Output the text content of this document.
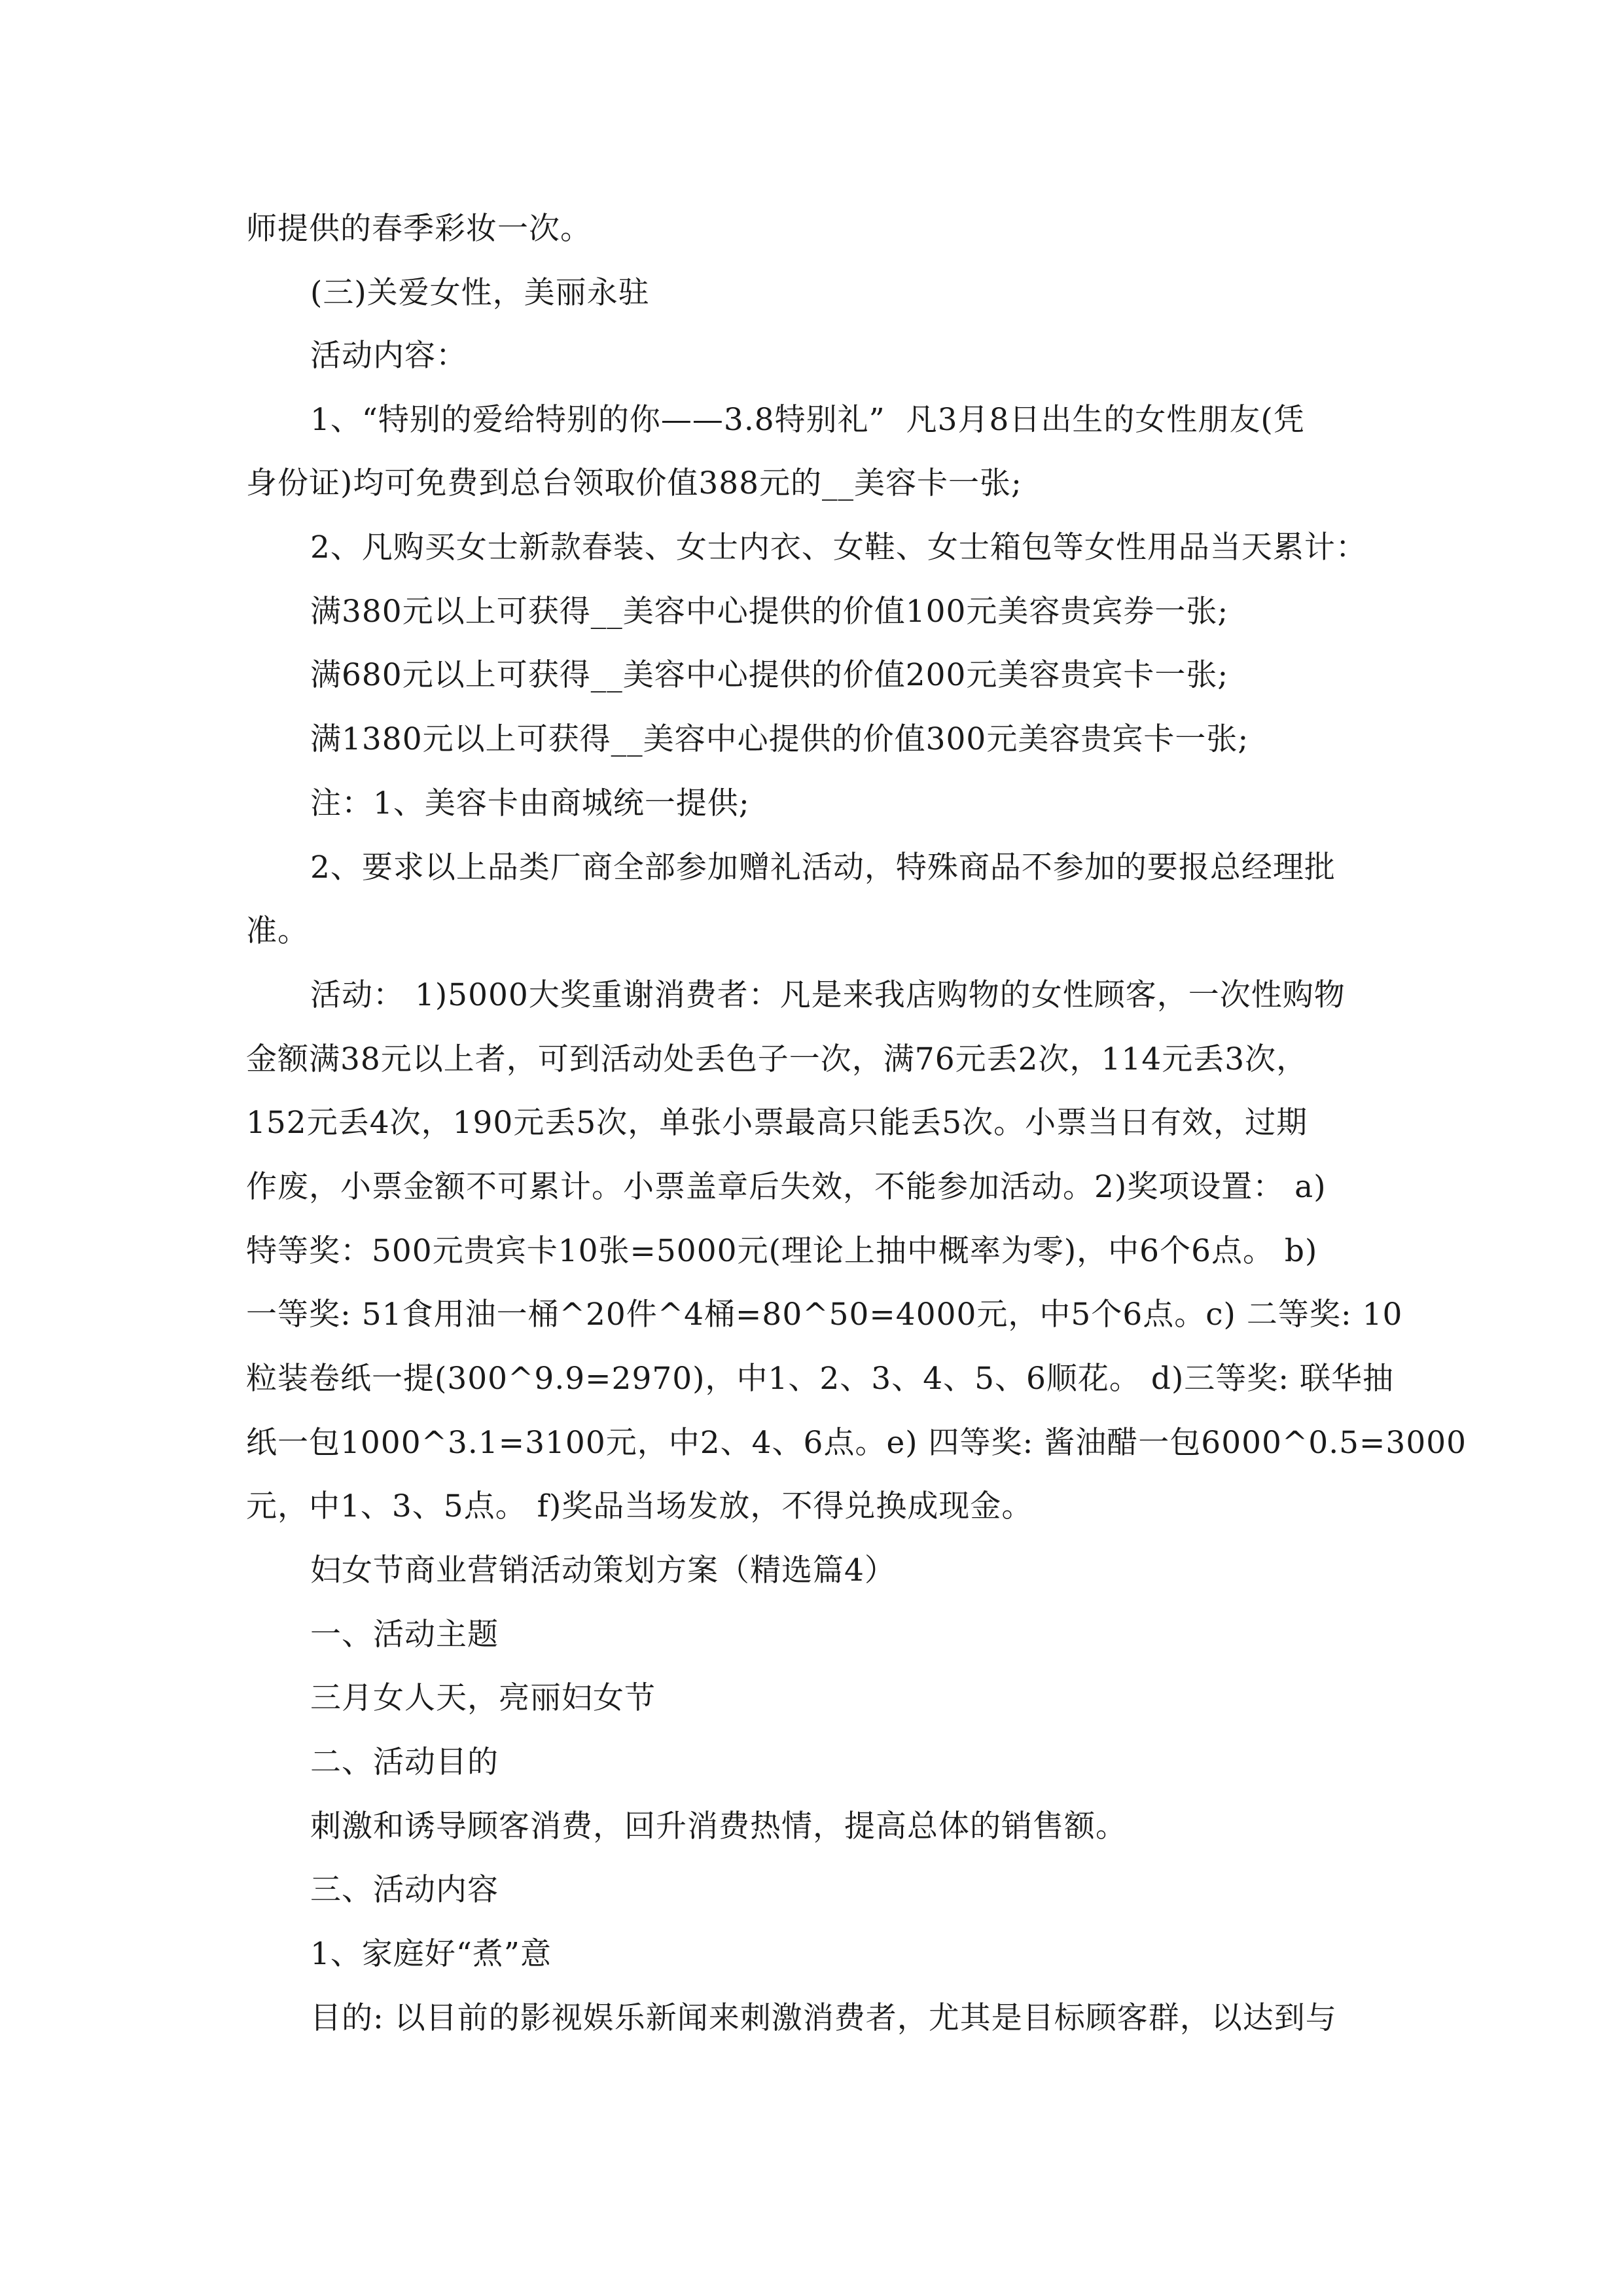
师提供的春季彩妆一次。
(三)关爱女性，美丽永驻
活动内容：
1、“特别的爱给特别的你——3.8特别礼”  凡3月8日出生的女性朋友(凭
身份证)均可免费到总台领取价值388元的__美容卡一张;
2、凡购买女士新款春装、女士内衣、女鞋、女士箱包等女性用品当天累计：
满380元以上可获得__美容中心提供的价值100元美容贵宾券一张;
满680元以上可获得__美容中心提供的价值200元美容贵宾卡一张;
满1380元以上可获得__美容中心提供的价值300元美容贵宾卡一张;
注：1、美容卡由商城统一提供;
2、要求以上品类厂商全部参加赠礼活动，特殊商品不参加的要报总经理批
准。
活动： 1)5000大奖重谢消费者：凡是来我店购物的女性顾客，一次性购物
金额满38元以上者，可到活动处丢色子一次，满76元丢2次，114元丢3次，
152元丢4次，190元丢5次，单张小票最高只能丢5次。小票当日有效，过期
作废，小票金额不可累计。小票盖章后失效，不能参加活动。2)奖项设置： a)
特等奖：500元贵宾卡10张=5000元(理论上抽中概率为零)，中6个6点。 b)
一等奖: 51食用油一桶^20件^4桶=80^50=4000元，中5个6点。c) 二等奖: 10
粒装卷纸一提(300^9.9=2970)，中1、2、3、4、5、6顺花。 d)三等奖: 联华抽
纸一包1000^3.1=3100元，中2、4、6点。e) 四等奖: 酱油醋一包6000^0.5=3000
元，中1、3、5点。 f)奖品当场发放，不得兑换成现金。
妇女节商业营销活动策划方案（精选篇4）
一、活动主题
三月女人天，亮丽妇女节
二、活动目的
刺激和诱导顾客消费，回升消费热情，提高总体的销售额。
三、活动内容
1、家庭好“煮”意
目的: 以目前的影视娱乐新闻来刺激消费者，尤其是目标顾客群，以达到与
